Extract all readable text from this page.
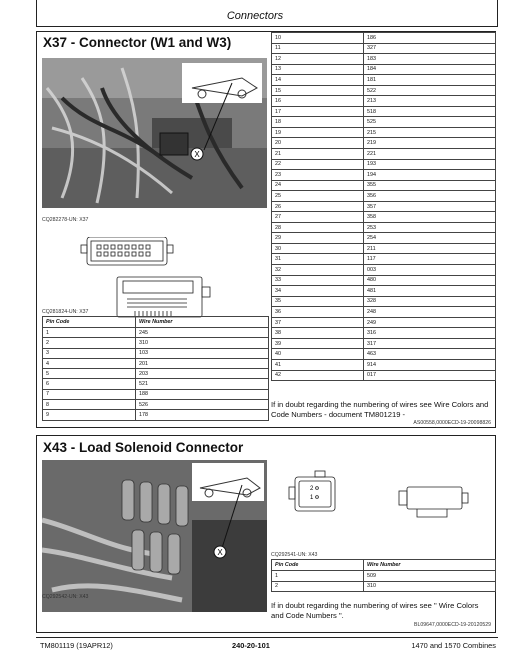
Connectors
X37 - Connector (W1 and W3)
X
CQ282278-UN: X37
CQ281824-UN: X37
Pin Code	Wire Number
1	245
2	310
3	103
4	201
5	203
6	521
7	188
8	526
9	178
10	186
11	327
12	183
13	184
14	181
15	522
16	213
17	518
18	525
19	215
20	219
21	221
22	193
23	194
24	355
25	356
26	357
27	358
28	253
29	254
30	211
31	117
32	003
33	480
34	481
35	328
36	248
37	249
38	316
39	317
40	463
41	914
42	017
If in doubt regarding the numbering of wires see Wire Colors and Code Numbers - document TM801219 -
AS00558,0000ECD-19-20098826
X43 - Load Solenoid Connector
X
CQ292542-UN: X43
2
1
CQ292541-UN: X43
Pin Code	Wire Number
1	509
2	310
If in doubt regarding the numbering of wires see " Wire Colors and Code Numbers ".
BL09647,0000ECD-19-20120529
TM801119 (19APR12)	240-20-101	1470 and 1570 Combines
